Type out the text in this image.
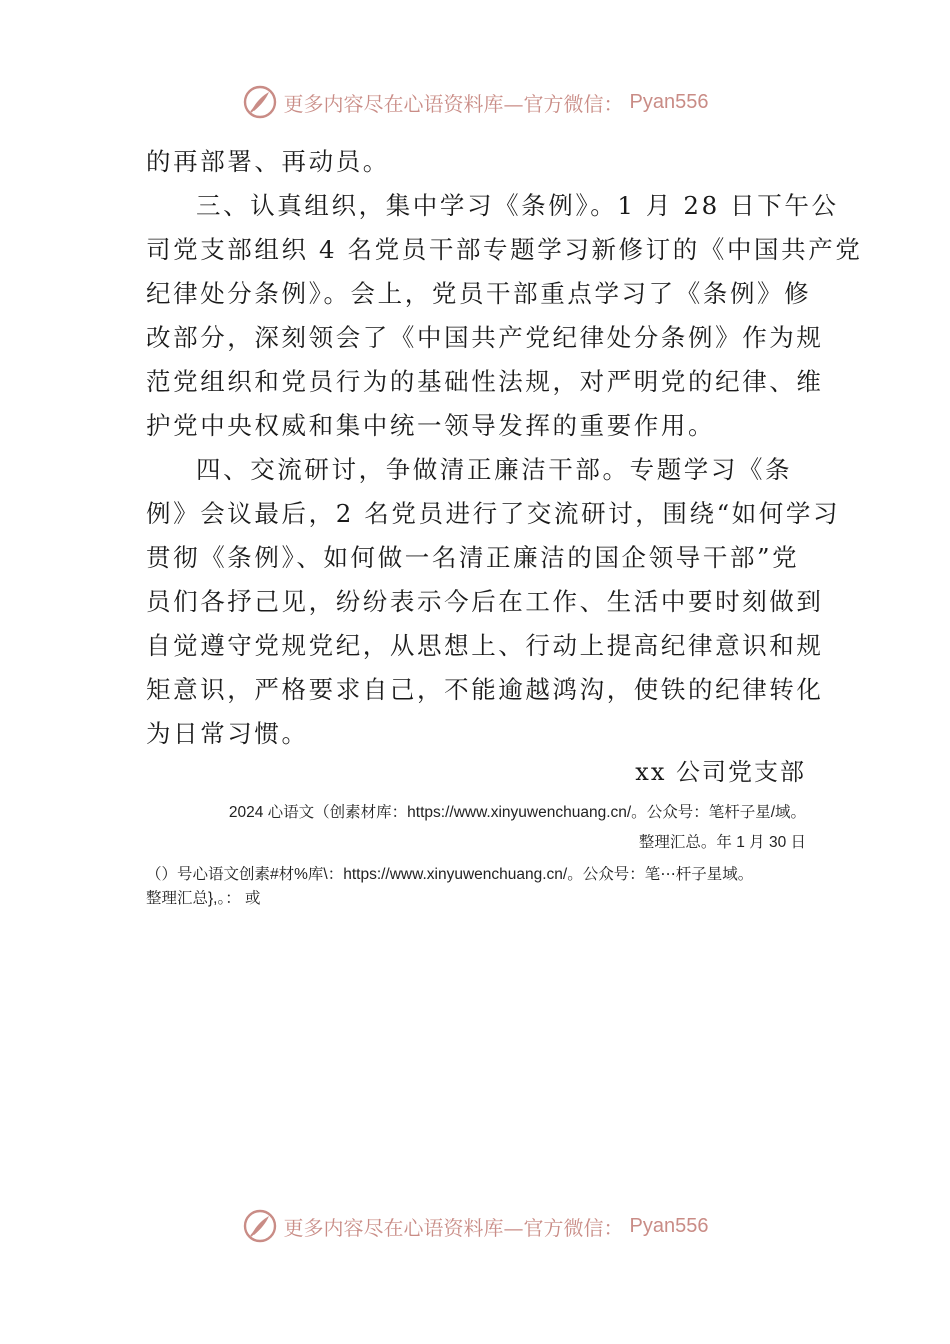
更多内容尽在心语资料库—官方微信： Pyan556
的再部署、再动员。
三、认真组织，集中学习《条例》。1 月 28 日下午公
司党支部组织 4 名党员干部专题学习新修订的《中国共产党
纪律处分条例》。会上，党员干部重点学习了《条例》修
改部分，深刻领会了《中国共产党纪律处分条例》作为规
范党组织和党员行为的基础性法规，对严明党的纪律、维
护党中央权威和集中统一领导发挥的重要作用。
四、交流研讨，争做清正廉洁干部。专题学习《条
例》会议最后，2 名党员进行了交流研讨，围绕“如何学习
贯彻《条例》、如何做一名清正廉洁的国企领导干部”党
员们各抒己见，纷纷表示今后在工作、生活中要时刻做到
自觉遵守党规党纪，从思想上、行动上提高纪律意识和规
矩意识，严格要求自己，不能逾越鸿沟，使铁的纪律转化
为日常习惯。
xx 公司党支部
2024 心语文（创素材库：https://www.xinyuwenchuang.cn/。公众号：笔杆子星/域。
整理汇总。年 1 月 30 日
（）号心语文创素#材%库\：https://www.xinyuwenchuang.cn/。公众号：笔⋯杆子星域。
整理汇总},。： 或
更多内容尽在心语资料库—官方微信： Pyan556
